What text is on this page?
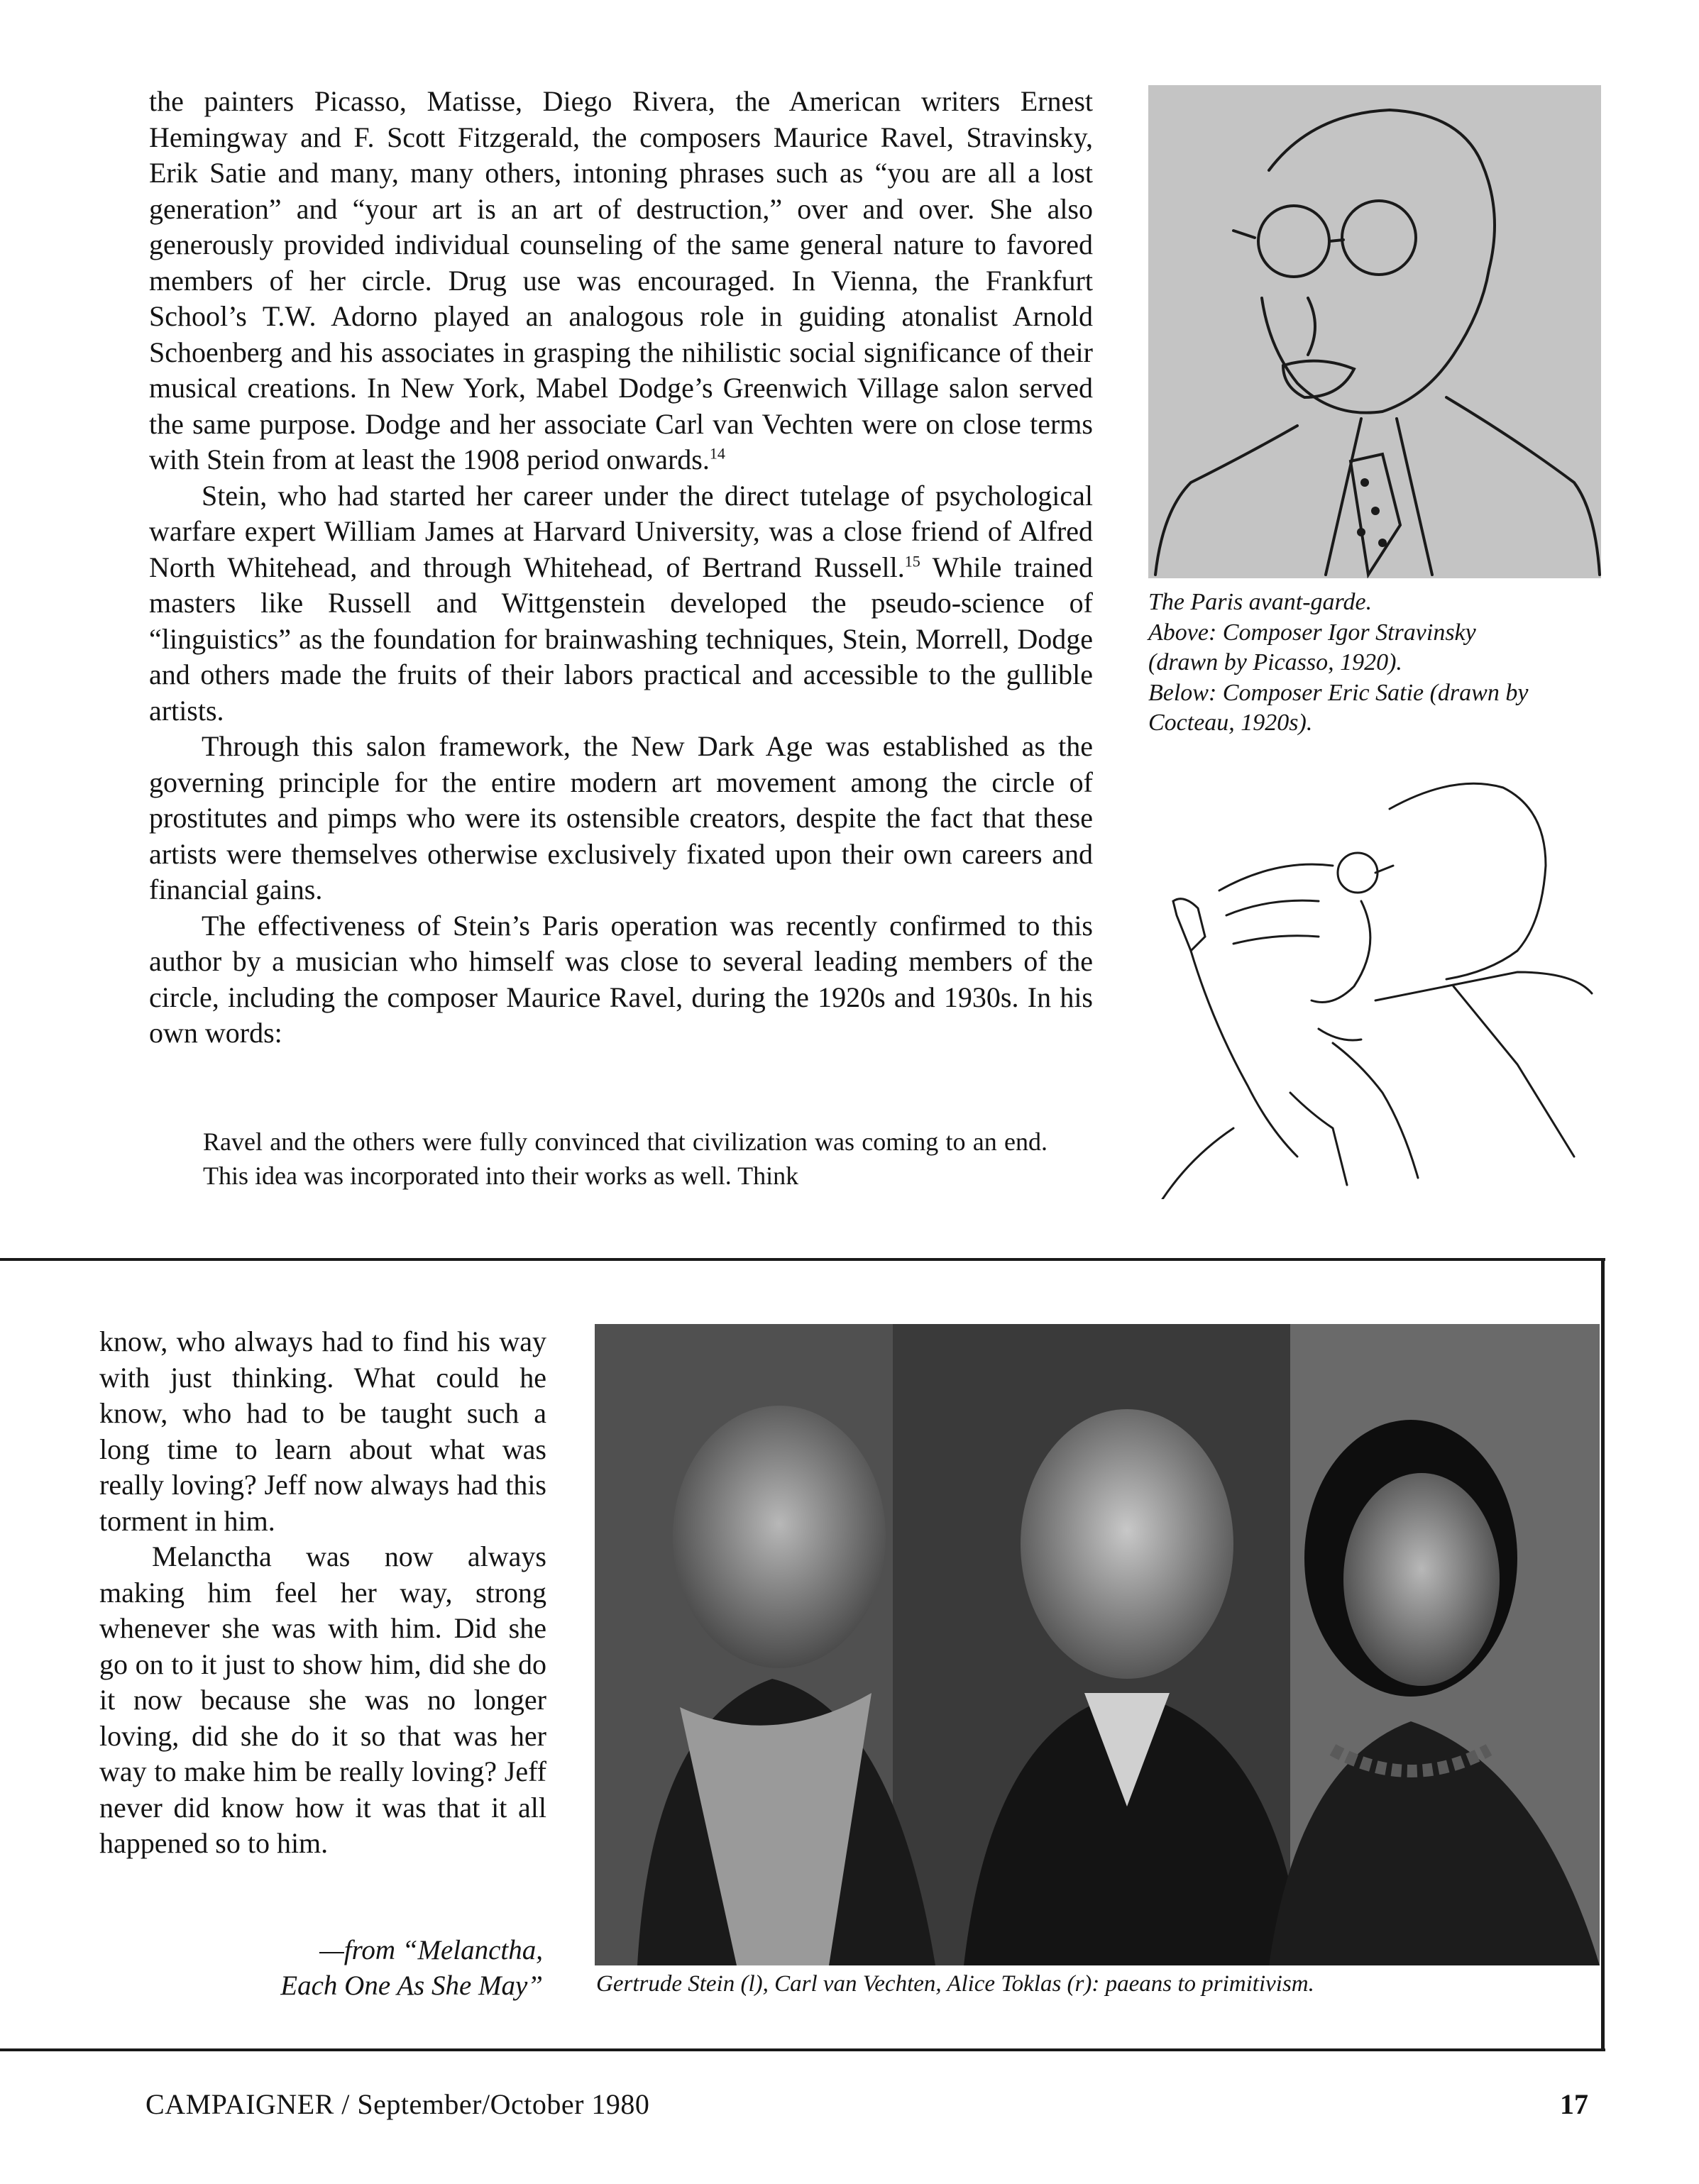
the painters Picasso, Matisse, Diego Rivera, the American writers Ernest Hemingway and F. Scott Fitzgerald, the composers Maurice Ravel, Stravinsky, Erik Satie and many, many others, intoning phrases such as “you are all a lost generation” and “your art is an art of destruction,” over and over. She also generously provided individual counseling of the same general nature to favored members of her circle. Drug use was encouraged. In Vienna, the Frankfurt School’s T.W. Adorno played an analogous role in guiding atonalist Arnold Schoenberg and his associates in grasping the nihilistic social significance of their musical creations. In New York, Mabel Dodge’s Greenwich Village salon served the same purpose. Dodge and her associate Carl van Vechten were on close terms with Stein from at least the 1908 period onwards.$^{14}$

Stein, who had started her career under the direct tutelage of psychological warfare expert William James at Harvard University, was a close friend of Alfred North Whitehead, and through Whitehead, of Bertrand Russell.$^{15}$ While trained masters like Russell and Wittgenstein developed the pseudo-science of “linguistics” as the foundation for brainwashing techniques, Stein, Morrell, Dodge and others made the fruits of their labors practical and accessible to the gullible artists.

Through this salon framework, the New Dark Age was established as the governing principle for the entire modern art movement among the circle of prostitutes and pimps who were its ostensible creators, despite the fact that these artists were themselves otherwise exclusively fixated upon their own careers and financial gains.

The effectiveness of Stein’s Paris operation was recently confirmed to this author by a musician who himself was close to several leading members of the circle, including the composer Maurice Ravel, during the 1920s and 1930s. In his own words:

Ravel and the others were fully convinced that civilization was coming to an end. This idea was incorporated into their works as well. Think

The Paris avant-garde.
Above: Composer Igor Stravinsky
(drawn by Picasso, 1920).
Below: Composer Eric Satie (drawn by
Cocteau, 1920s).

know, who always had to find his way with just thinking. What could he know, who had to be taught such a long time to learn about what was really loving? Jeff now always had this torment in him.

Melanctha was now always making him feel her way, strong whenever she was with him. Did she go on to it just to show him, did she do it now because she was no longer loving, did she do it so that was her way to make him be really loving? Jeff never did know how it was that it all happened so to him.

—from “Melanctha,
Each One As She May” Gertrude Stein (l), Carl van Vechten, Alice Toklas (r): paeans to primitivism.
CAMPAIGNER / September/October 1980	17
